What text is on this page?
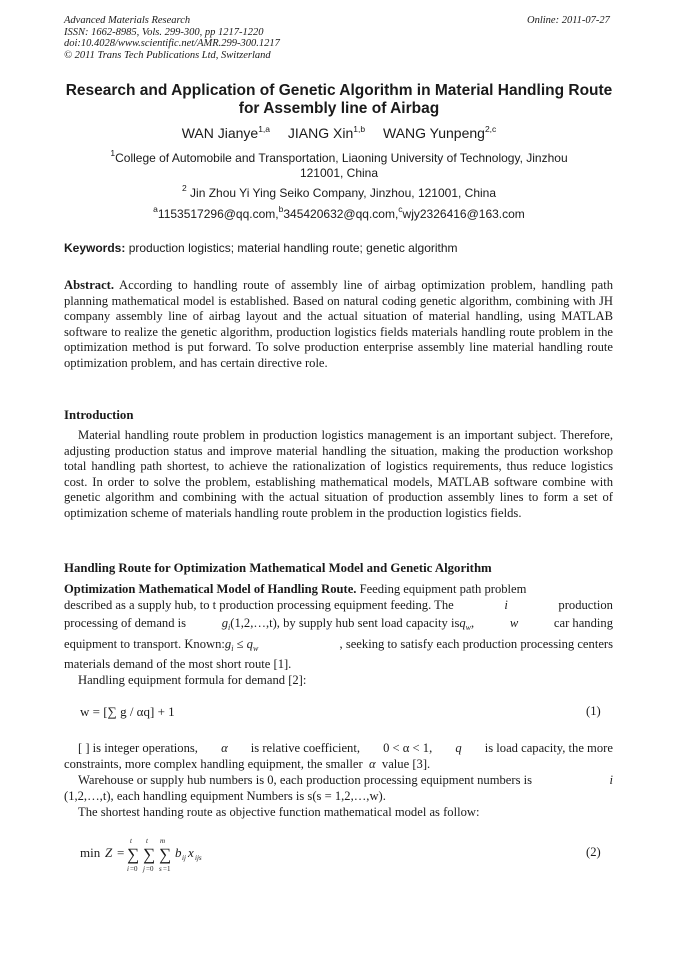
Advanced Materials Research
ISSN: 1662-8985, Vols. 299-300, pp 1217-1220
doi:10.4028/www.scientific.net/AMR.299-300.1217
© 2011 Trans Tech Publications Ltd, Switzerland
Online: 2011-07-27
Research and Application of Genetic Algorithm in Material Handling Route for Assembly line of Airbag
WAN Jianye$^{1,a}$ JIANG Xin$^{1,b}$ WANG Yunpeng$^{2,c}$
$^1$College of Automobile and Transportation, Liaoning University of Technology, Jinzhou
121001, China
$^2$ Jin Zhou Yi Ying Seiko Company, Jinzhou, 121001, China
$^a$1153517296@qq.com,$^b$345420632@qq.com,$^c$wjy2326416@163.com
Keywords: production logistics; material handling route; genetic algorithm
Abstract. According to handling route of assembly line of airbag optimization problem, handling path planning mathematical model is established. Based on natural coding genetic algorithm, combining with JH company assembly line of airbag layout and the actual situation of material handling, using MATLAB software to realize the genetic algorithm, production logistics fields materials handling route problem in the optimization method is put forward. To solve production enterprise assembly line material handling route optimization problem, and has certain directive role.
Introduction
Material handling route problem in production logistics management is an important subject. Therefore, adjusting production status and improve material handling the situation, making the production workshop total handling path shortest, to achieve the rationalization of logistics requirements, thus reduce logistics cost. In order to solve the problem, establishing mathematical models, MATLAB software combine with genetic algorithm and combining with the actual situation of production assembly lines to form a set of optimization scheme of materials handling route problem in the production logistics fields.
Handling Route for Optimization Mathematical Model and Genetic Algorithm
Optimization Mathematical Model of Handling Route. Feeding equipment path problem
described as a supply hub, to t production processing equipment feeding. The	i	production
processing of demand is	$g_i(1,2,\dots,t)$, by supply hub sent load capacity isq$_w$,	w	car handing
equipment to transport. $Known:g_i \le q_w$	, seeking to satisfy each production processing centers
materials demand of the most short route [1].
Handling equipment formula for demand [2]:
w = [∑ g / αq] + 1	(1)
[ ] is integer operations, α is relative coefficient, 0 < α < 1, q is load capacity, the more
constraints, more complex handling equipment, the smaller α value [3].
Warehouse or supply hub numbers is 0, each production processing equipment numbers is	i
(1,2,…,t), each handling equipment Numbers is s(s = 1,2,…,w).
The shortest handing route as objective function mathematical model as follow:
min Z = ∑
t
i =0
∑
t
j =0
∑
m
s =1
b ij x ijs	(2)
